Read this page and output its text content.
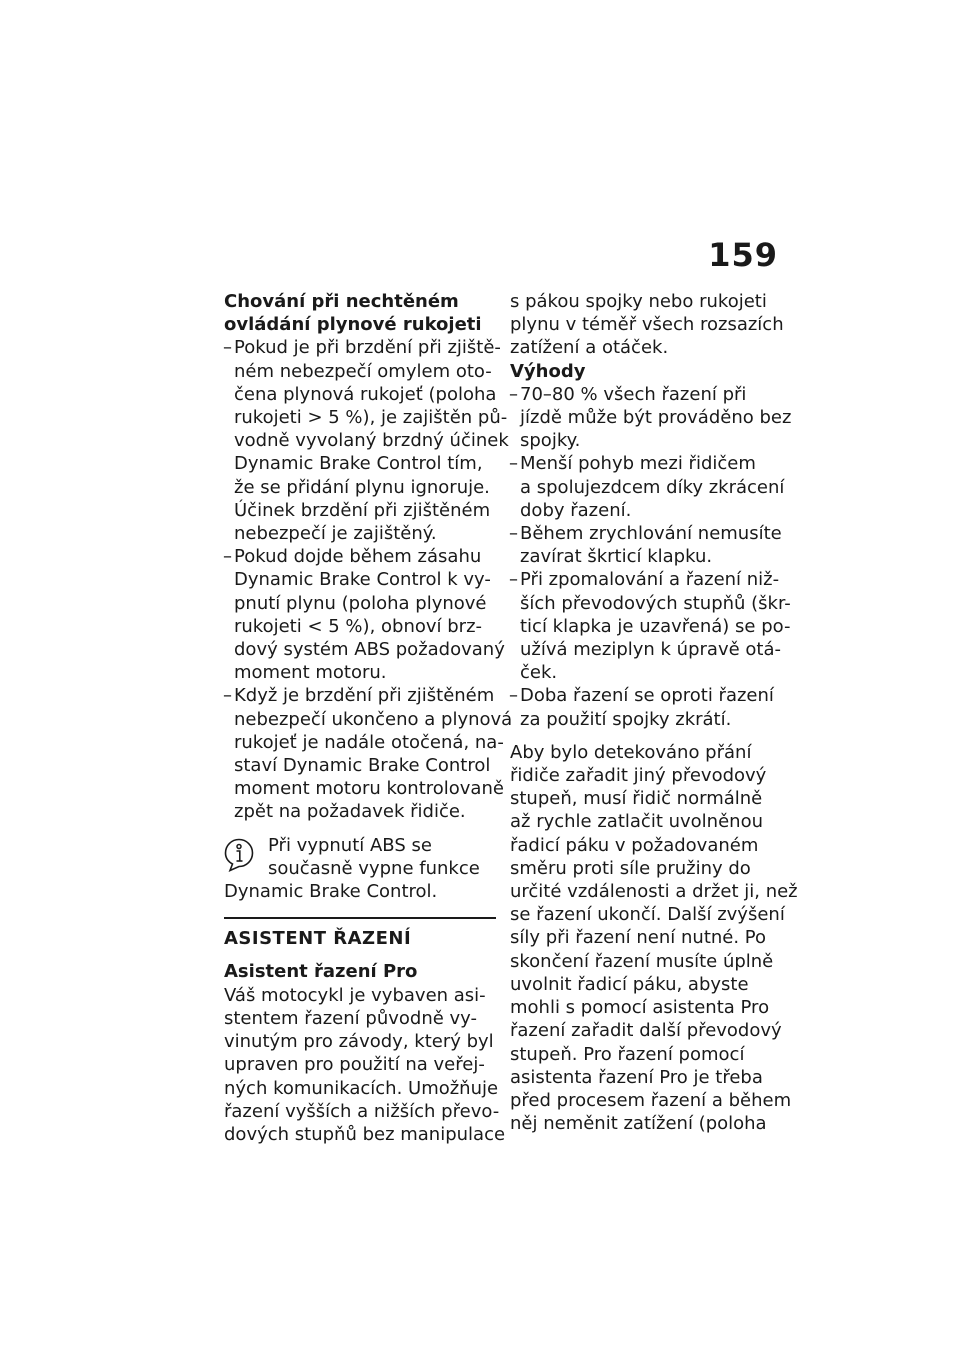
159
Chování při nechtěném
ovládání plynové rukojeti
– Pokud je při brzdění při zjiště-
ném nebezpečí omylem oto-
čena plynová rukojeť (poloha
rukojeti > 5 %), je zajištěn pů-
vodně vyvolaný brzdný účinek
Dynamic Brake Control tím,
že se přidání plynu ignoruje.
Účinek brzdění při zjištěném
nebezpečí je zajištěný.
– Pokud dojde během zásahu
Dynamic Brake Control k vy-
pnutí plynu (poloha plynové
rukojeti < 5 %), obnoví brz-
dový systém ABS požadovaný
moment motoru.
– Když je brzdění při zjištěném
nebezpečí ukončeno a plynová
rukojeť je nadále otočená, na-
staví Dynamic Brake Control
moment motoru kontrolovaně
zpět na požadavek řidiče.
Při vypnutí ABS se
současně vypne funkce
Dynamic Brake Control.
ASISTENT ŘAZENÍ
Asistent řazení Pro

Váš motocykl je vybaven asi-
stentem řazení původně vy-
vinutým pro závody, který byl
upraven pro použití na veřej-
ných komunikacích. Umožňuje
řazení vyšších a nižších převo-
dových stupňů bez manipulace

s pákou spojky nebo rukojeti
plynu v téměř všech rozsazích
zatížení a otáček.

Výhody
– 70–80 % všech řazení při
jízdě může být prováděno bez
spojky.
– Menší pohyb mezi řidičem
a spolujezdcem díky zkrácení
doby řazení.
– Během zrychlování nemusíte
zavírat škrticí klapku.
– Při zpomalování a řazení niž-
ších převodových stupňů (škr-
ticí klapka je uzavřená) se po-
užívá meziplyn k úpravě otá-
ček.
– Doba řazení se oproti řazení
za použití spojky zkrátí.

Aby bylo detekováno přání
řidiče zařadit jiný převodový
stupeň, musí řidič normálně
až rychle zatlačit uvolněnou
řadicí páku v požadovaném
směru proti síle pružiny do
určité vzdálenosti a držet ji, než
se řazení ukončí. Další zvýšení
síly při řazení není nutné. Po
skončení řazení musíte úplně
uvolnit řadicí páku, abyste
mohli s pomocí asistenta Pro
řazení zařadit další převodový
stupeň. Pro řazení pomocí
asistenta řazení Pro je třeba
před procesem řazení a během
něj neměnit zatížení (poloha
